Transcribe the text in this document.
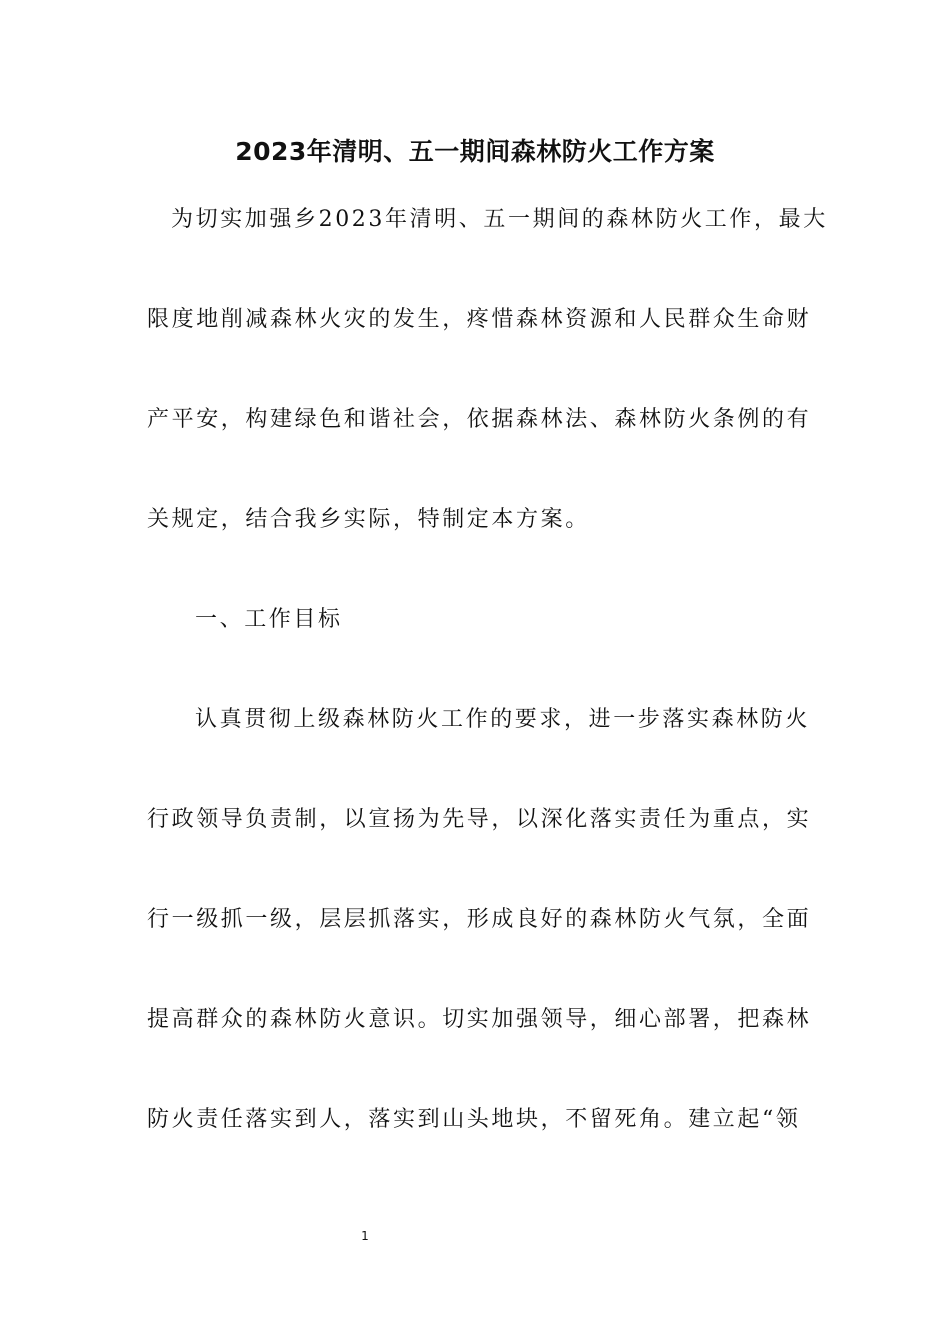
2023年清明、五一期间森林防火工作方案
为切实加强乡2023年清明、五一期间的森林防火工作，最大
限度地削减森林火灾的发生，疼惜森林资源和人民群众生命财
产平安，构建绿色和谐社会，依据森林法、森林防火条例的有
关规定，结合我乡实际，特制定本方案。
一、工作目标
认真贯彻上级森林防火工作的要求，进一步落实森林防火
行政领导负责制，以宣扬为先导，以深化落实责任为重点，实
行一级抓一级，层层抓落实，形成良好的森林防火气氛，全面
提高群众的森林防火意识。切实加强领导，细心部署，把森林
防火责任落实到人，落实到山头地块，不留死角。建立起“领
1
